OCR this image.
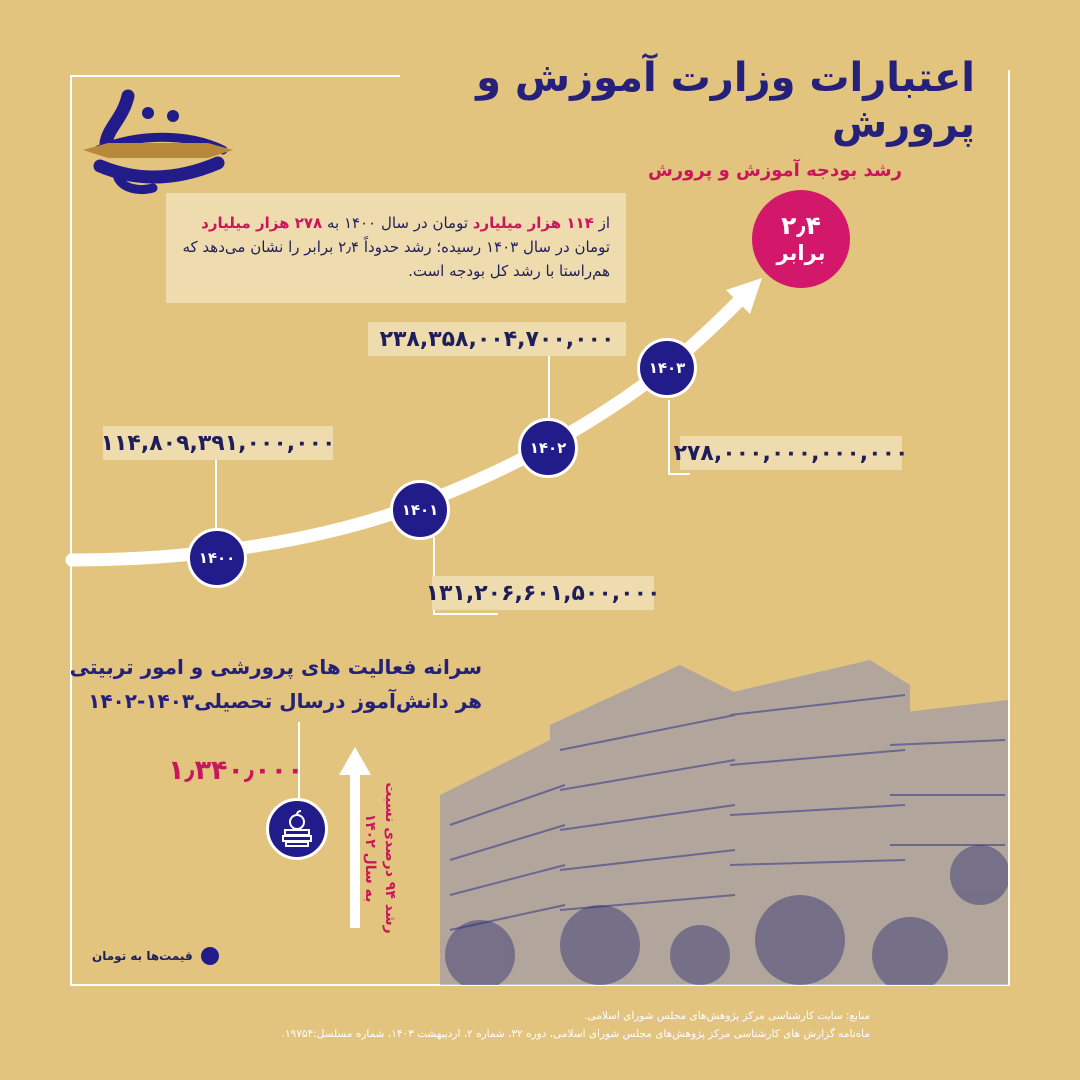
اعتبارات وزارت آموزش و پرورش
رشد بودجه آموزش و پرورش
از ۱۱۴ هزار میلیارد تومان در سال ۱۴۰۰ به ۲۷۸ هزار میلیارد تومان در سال ۱۴۰۳ رسیده؛ رشد حدوداً ۲٫۴ برابر را نشان می‌دهد که هم‌راستا با رشد کل بودجه است.
۲٫۴
برابر
۱۱۴,۸۰۹,۳۹۱,۰۰۰,۰۰۰
۱۳۱,۲۰۶,۶۰۱,۵۰۰,۰۰۰
۲۳۸,۳۵۸,۰۰۴,۷۰۰,۰۰۰
۲۷۸,۰۰۰,۰۰۰,۰۰۰,۰۰۰
۱۴۰۰
۱۴۰۱
۱۴۰۲
۱۴۰۳
سرانه فعالیت های پرورشی و امور تربیتی
هر دانش‌آموز درسال تحصیلی۱۴۰۳-۱۴۰۲
۱٫۳۴۰٫۰۰۰
رشد ۹۴ درصدی نسبت به سال ۱۴۰۲
قیمت‌ها به تومان
منابع: سایت کارشناسی مرکز پژوهش‌های مجلس شورای اسلامی.
ماه‌نامه گزارش های کارشناسی مرکز پژوهش‌های مجلس شورای اسلامی، دوره ۳۲، شماره ۲، اردیبهشت ۱۴۰۳، شماره مسلسل:۱۹۷۵۴.
